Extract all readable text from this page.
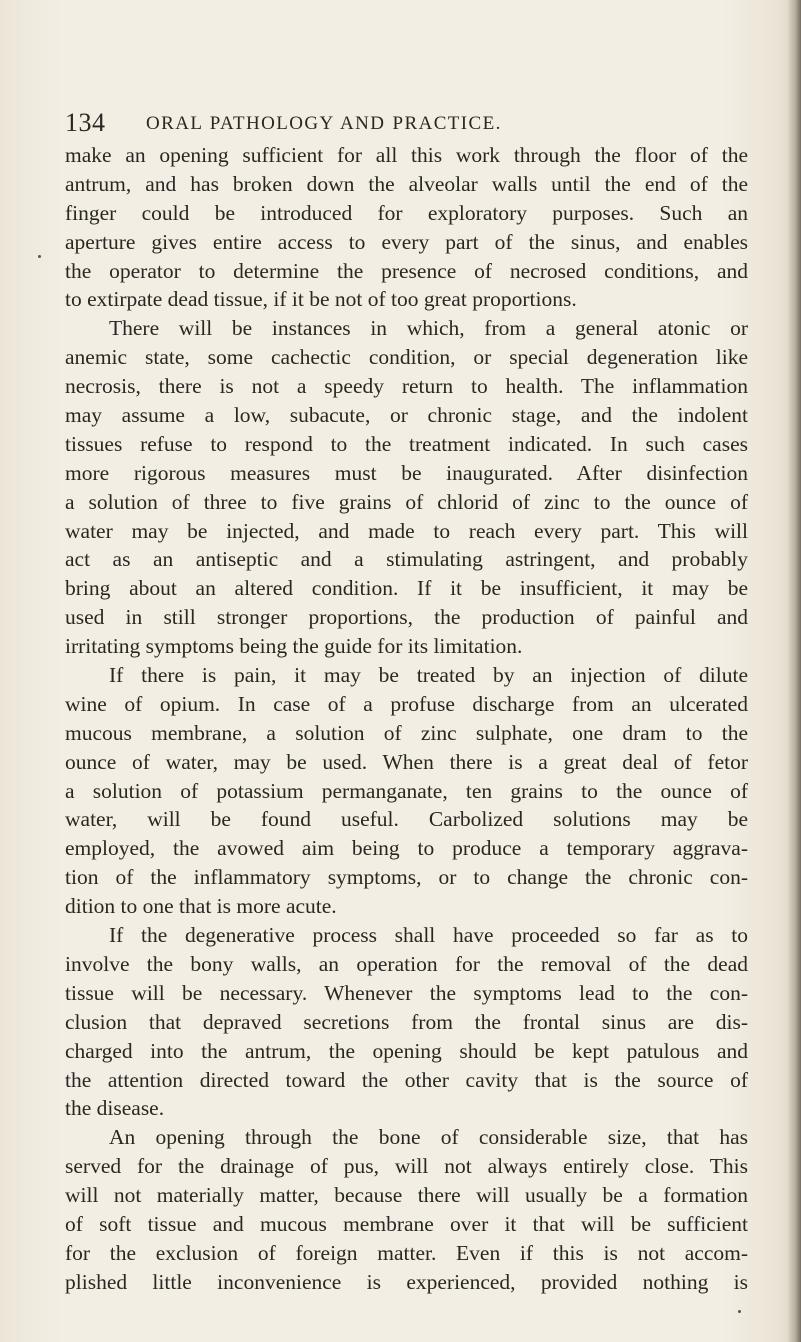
134 ORAL PATHOLOGY AND PRACTICE.
make an opening sufficient for all this work through the floor of the
antrum, and has broken down the alveolar walls until the end of the
finger could be introduced for exploratory purposes. Such an
aperture gives entire access to every part of the sinus, and enables
the operator to determine the presence of necrosed conditions, and
to extirpate dead tissue, if it be not of too great proportions.
There will be instances in which, from a general atonic or
anemic state, some cachectic condition, or special degeneration like
necrosis, there is not a speedy return to health. The inflammation
may assume a low, subacute, or chronic stage, and the indolent
tissues refuse to respond to the treatment indicated. In such cases
more rigorous measures must be inaugurated. After disinfection
a solution of three to five grains of chlorid of zinc to the ounce of
water may be injected, and made to reach every part. This will
act as an antiseptic and a stimulating astringent, and probably
bring about an altered condition. If it be insufficient, it may be
used in still stronger proportions, the production of painful and
irritating symptoms being the guide for its limitation.
If there is pain, it may be treated by an injection of dilute
wine of opium. In case of a profuse discharge from an ulcerated
mucous membrane, a solution of zinc sulphate, one dram to the
ounce of water, may be used. When there is a great deal of fetor
a solution of potassium permanganate, ten grains to the ounce of
water, will be found useful. Carbolized solutions may be
employed, the avowed aim being to produce a temporary aggrava-
tion of the inflammatory symptoms, or to change the chronic con-
dition to one that is more acute.
If the degenerative process shall have proceeded so far as to
involve the bony walls, an operation for the removal of the dead
tissue will be necessary. Whenever the symptoms lead to the con-
clusion that depraved secretions from the frontal sinus are dis-
charged into the antrum, the opening should be kept patulous and
the attention directed toward the other cavity that is the source of
the disease.
An opening through the bone of considerable size, that has
served for the drainage of pus, will not always entirely close. This
will not materially matter, because there will usually be a formation
of soft tissue and mucous membrane over it that will be sufficient
for the exclusion of foreign matter. Even if this is not accom-
plished little inconvenience is experienced, provided nothing is
